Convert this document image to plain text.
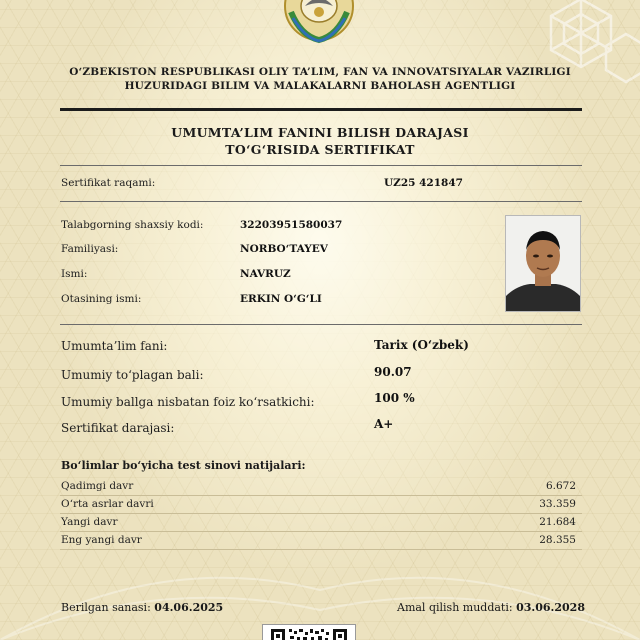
O‘ZBEKISTON RESPUBLIKASI OLIY TA’LIM, FAN VA INNOVATSIYALAR VAZIRLIGI
HUZURIDAGI BILIM VA MALAKALARNI BAHOLASH AGENTLIGI
UMUMTA’LIM FANINI BILISH DARAJASI
TO‘G‘RISIDA SERTIFIKAT
Sertifikat raqami:	UZ25 421847
Talabgorning shaxsiy kodi:	32203951580037
Familiyasi:	NORBO‘TAYEV
Ismi:	NAVRUZ
Otasining ismi:	ERKIN O‘G‘LI
Umumta’lim fani:	Tarix (O‘zbek)
Umumiy to‘plagan bali:	90.07
Umumiy ballga nisbatan foiz ko‘rsatkichi:	100 %
Sertifikat darajasi:	A+
Bo‘limlar bo‘yicha test sinovi natijalari:
Qadimgi davr	6.672
O‘rta asrlar davri	33.359
Yangi davr	21.684
Eng yangi davr	28.355
Berilgan sanasi: 04.06.2025	Amal qilish muddati: 03.06.2028
